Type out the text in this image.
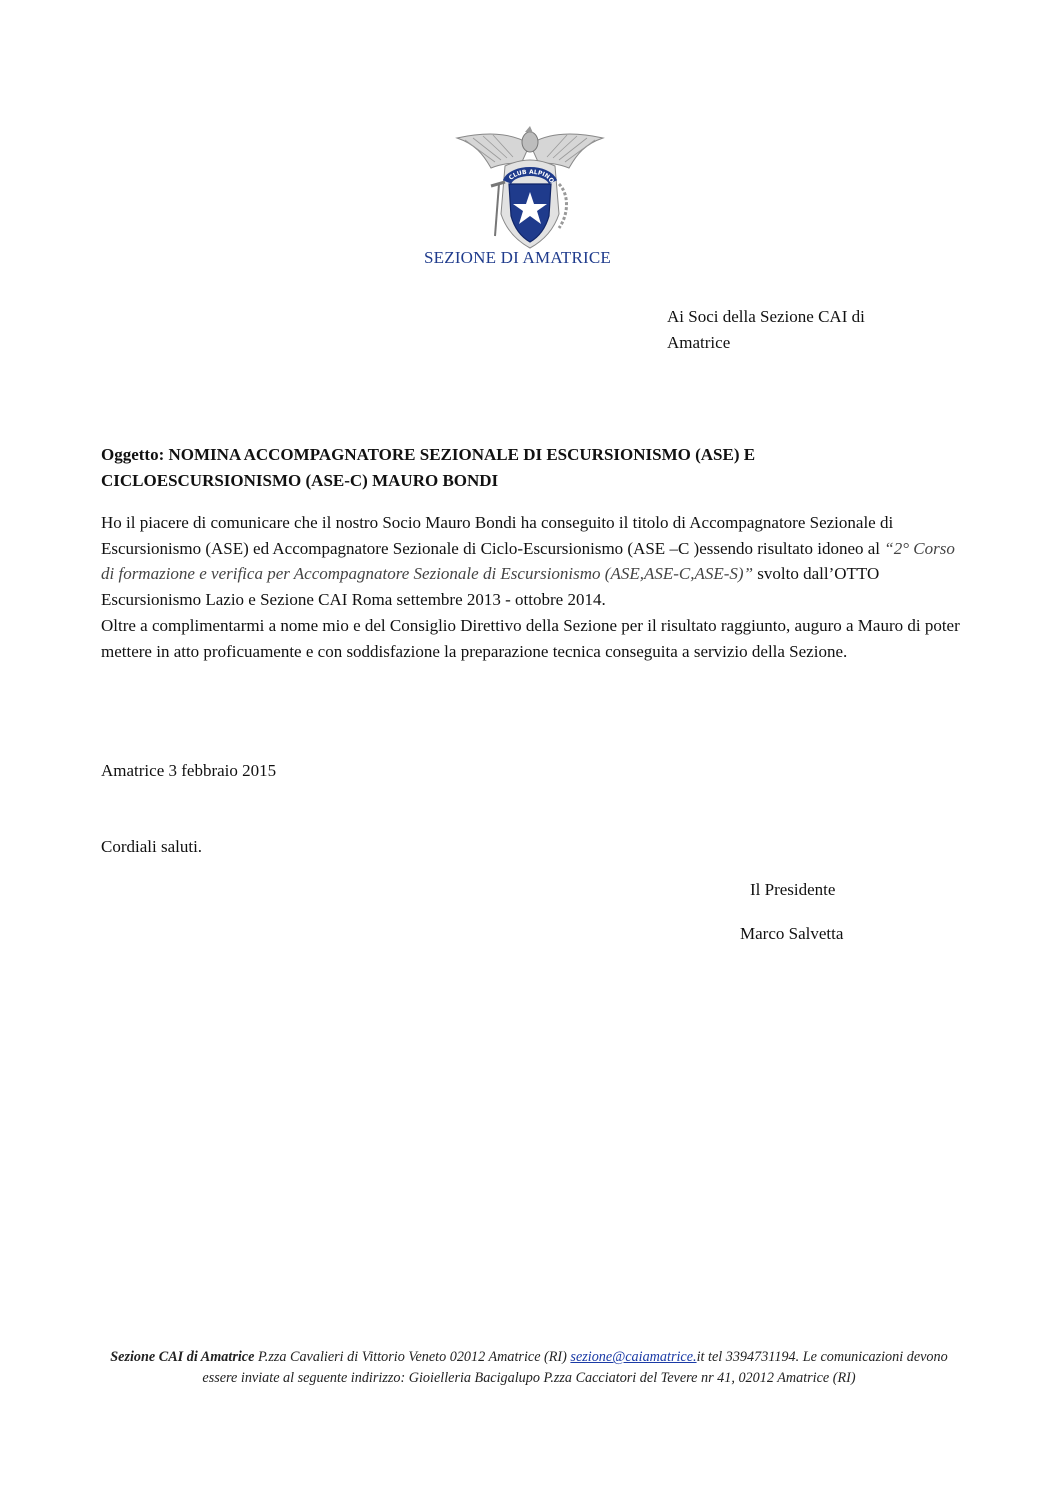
CLUB ALPINO
SEZIONE DI AMATRICE
Ai Soci della Sezione CAI di
Amatrice
Oggetto: NOMINA ACCOMPAGNATORE SEZIONALE DI ESCURSIONISMO (ASE) E
CICLOESCURSIONISMO (ASE-C) MAURO BONDI

Ho il piacere di comunicare che il nostro Socio Mauro Bondi ha conseguito il titolo di Accompagnatore Sezionale di Escursionismo (ASE) ed Accompagnatore Sezionale di Ciclo-Escursionismo (ASE –C )essendo risultato idoneo al “2° Corso di formazione e verifica per Accompagnatore Sezionale di Escursionismo (ASE,ASE-C,ASE-S)” svolto dall’OTTO Escursionismo Lazio e Sezione CAI Roma settembre 2013 - ottobre 2014.

Oltre a complimentarmi a nome mio e del Consiglio Direttivo della Sezione per il risultato raggiunto, auguro a Mauro di poter mettere in atto proficuamente e con soddisfazione la preparazione tecnica conseguita a servizio della Sezione.

Amatrice 3 febbraio 2015
Cordiali saluti.
Il Presidente
Marco Salvetta
Sezione CAI di Amatrice P.zza Cavalieri di Vittorio Veneto 02012 Amatrice (RI) sezione@caiamatrice.it tel 3394731194. Le comunicazioni devono essere inviate al seguente indirizzo: Gioielleria Bacigalupo P.zza Cacciatori del Tevere nr 41, 02012 Amatrice (RI)
